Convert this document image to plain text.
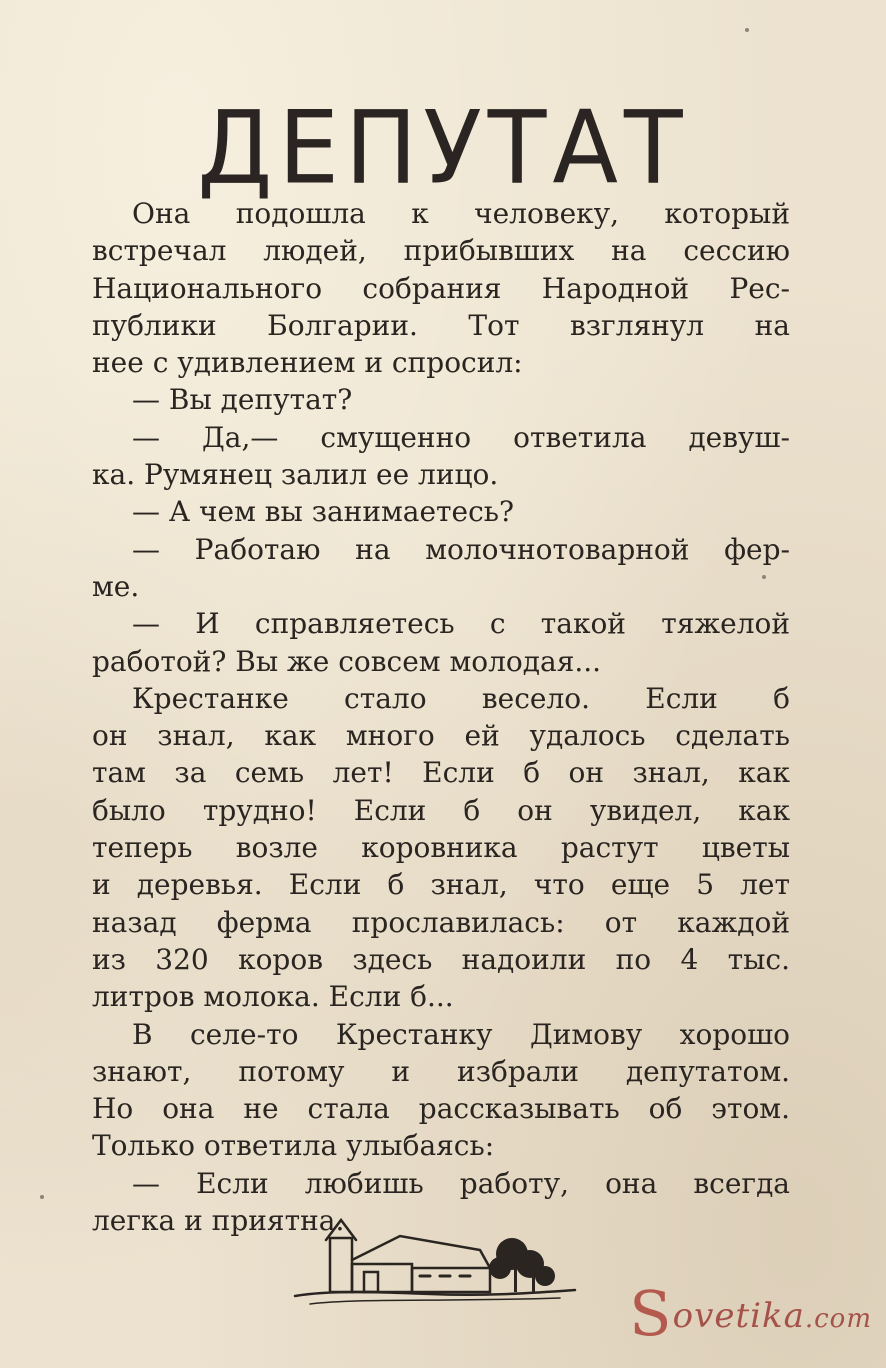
ДЕПУТАТ
Она подошла к человеку, который
встречал людей, прибывших на сессию
Национального собрания Народной Рес-
публики Болгарии. Тот взглянул на
нее с удивлением и спросил:
— Вы депутат?
— Да,— смущенно ответила девуш-
ка. Румянец залил ее лицо.
— А чем вы занимаетесь?
— Работаю на молочнотоварной фер-
ме.
— И справляетесь с такой тяжелой
работой? Вы же совсем молодая...
Крестанке стало весело. Если б
он знал, как много ей удалось сделать
там за семь лет! Если б он знал, как
было трудно! Если б он увидел, как
теперь возле коровника растут цветы
и деревья. Если б знал, что еще 5 лет
назад ферма прославилась: от каждой
из 320 коров здесь надоили по 4 тыс.
литров молока. Если б...
В селе-то Крестанку Димову хорошо
знают, потому и избрали депутатом.
Но она не стала рассказывать об этом.
Только ответила улыбаясь:
— Если любишь работу, она всегда
легка и приятна.
Sovetika.com
